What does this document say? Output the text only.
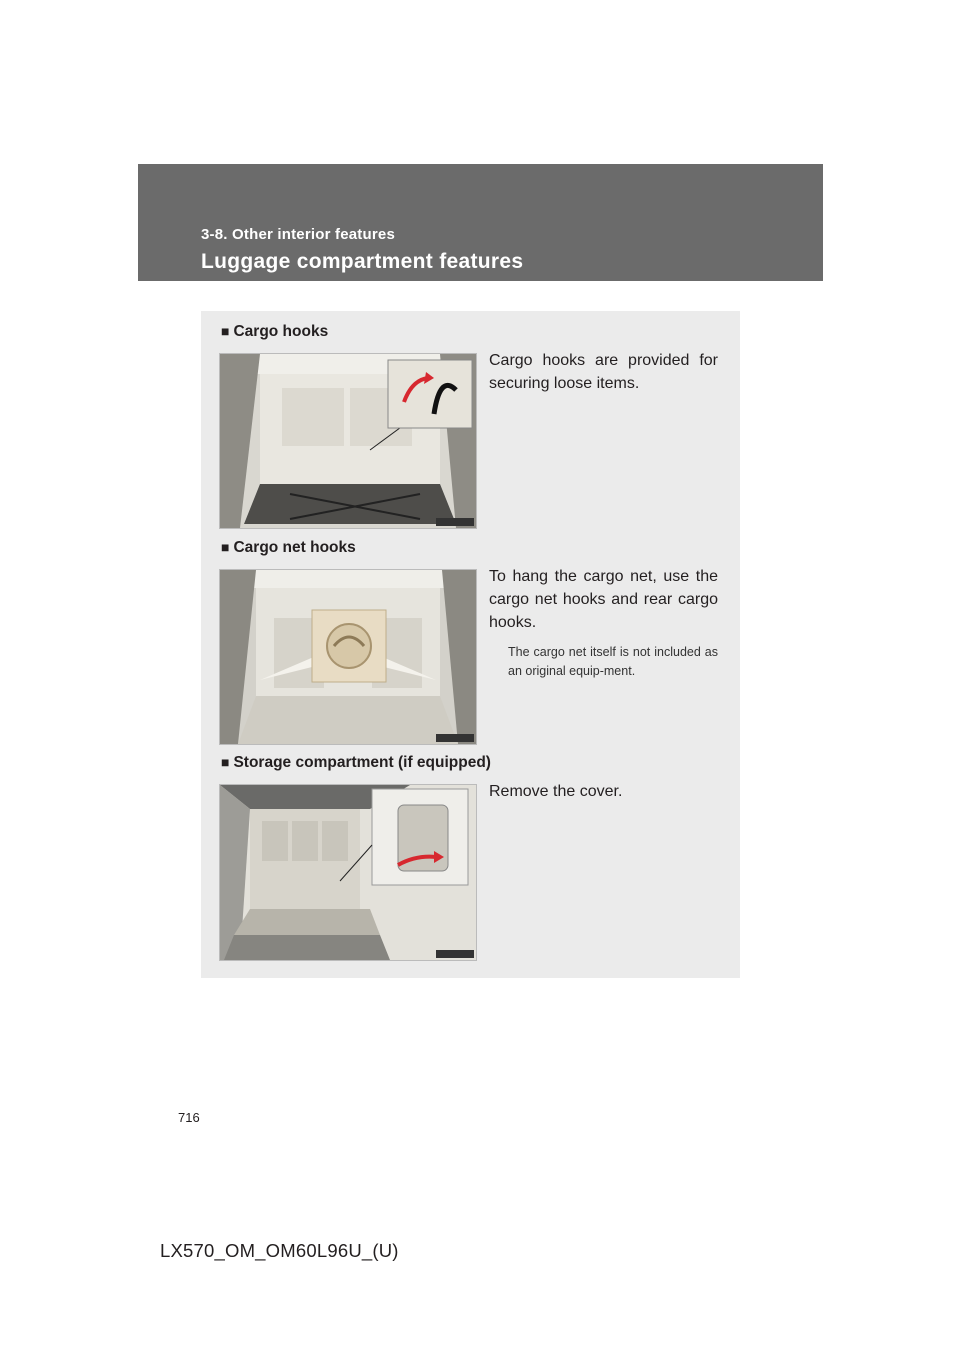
3-8. Other interior features
Luggage compartment features
■ Cargo hooks
Cargo hooks are provided for securing loose items.
■ Cargo net hooks
To hang the cargo net, use the cargo net hooks and rear cargo hooks.
The cargo net itself is not included as an original equip-ment.
■ Storage compartment (if equipped)
Remove the cover.
716
LX570_OM_OM60L96U_(U)
